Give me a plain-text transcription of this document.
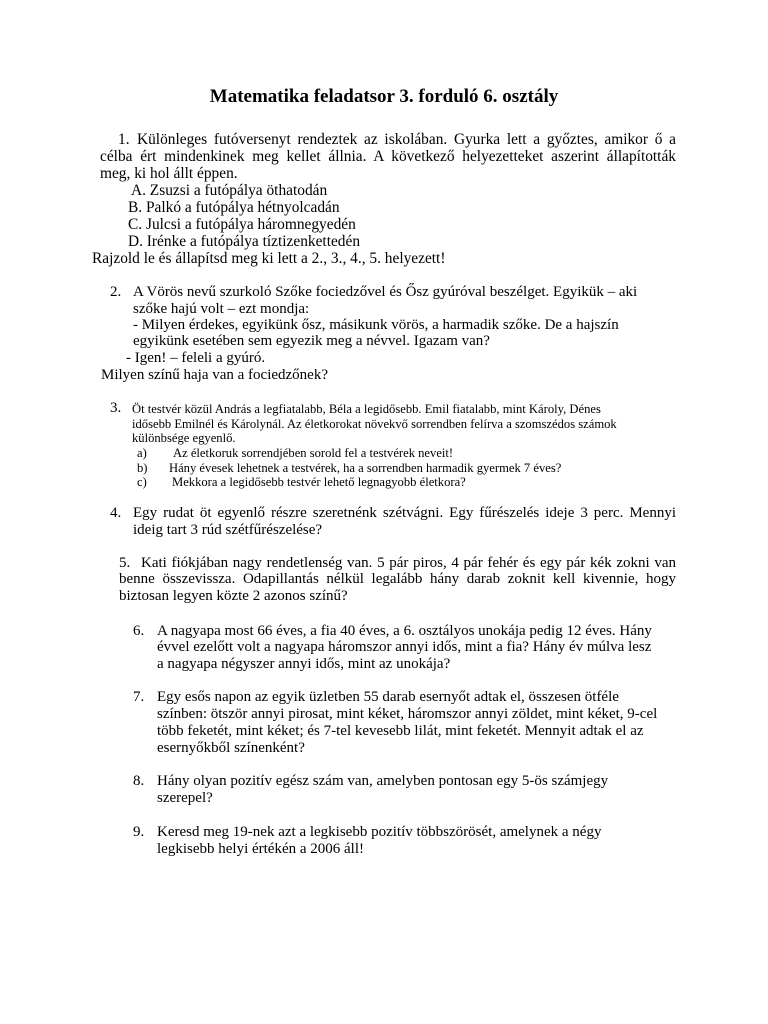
Matematika feladatsor 3. forduló 6. osztály
1. Különleges futóversenyt rendeztek az iskolában. Gyurka lett a győztes, amikor ő a
célba ért mindenkinek meg kellet állnia. A következő helyezetteket aszerint állapították
meg, ki hol állt éppen.
A. Zsuzsi a futópálya öthatodán
B. Palkó a futópálya hétnyolcadán
C. Julcsi a futópálya háromnegyedén
D. Irénke a futópálya tíztizenkettedén
Rajzold le és állapítsd meg ki lett a 2., 3., 4., 5. helyezett!
2. A Vörös nevű szurkoló Szőke fociedzővel és Ősz gyúróval beszélget. Egyikük – aki
szőke hajú volt – ezt mondja:
- Milyen érdekes, egyikünk ősz, másikunk vörös, a harmadik szőke. De a hajszín
egyikünk esetében sem egyezik meg a névvel. Igazam van?
- Igen! – feleli a gyúró.
Milyen színű haja van a fociedzőnek?
3. Öt testvér közül András a legfiatalabb, Béla a legidősebb. Emil fiatalabb, mint Károly, Dénes
idősebb Emilnél és Károlynál. Az életkorokat növekvő sorrendben felírva a szomszédos számok
különbsége egyenlő.
a) Az életkoruk sorrendjében sorold fel a testvérek neveit!
b) Hány évesek lehetnek a testvérek, ha a sorrendben harmadik gyermek 7 éves?
c) Mekkora a legidősebb testvér lehető legnagyobb életkora?
4. Egy rudat öt egyenlő részre szeretnénk szétvágni. Egy fűrészelés ideje 3 perc. Mennyi
ideig tart 3 rúd szétfűrészelése?
5. Kati fiókjában nagy rendetlenség van. 5 pár piros, 4 pár fehér és egy pár kék zokni van
benne összevissza. Odapillantás nélkül legalább hány darab zoknit kell kivennie, hogy
biztosan legyen közte 2 azonos színű?
6. A nagyapa most 66 éves, a fia 40 éves, a 6. osztályos unokája pedig 12 éves. Hány
évvel ezelőtt volt a nagyapa háromszor annyi idős, mint a fia? Hány év múlva lesz
a nagyapa négyszer annyi idős, mint az unokája?
7. Egy esős napon az egyik üzletben 55 darab esernyőt adtak el, összesen ötféle
színben: ötször annyi pirosat, mint kéket, háromszor annyi zöldet, mint kéket, 9-cel
több feketét, mint kéket; és 7-tel kevesebb lilát, mint feketét. Mennyit adtak el az
esernyőkből színenként?
8. Hány olyan pozitív egész szám van, amelyben pontosan egy 5-ös számjegy
szerepel?
9. Keresd meg 19-nek azt a legkisebb pozitív többszörösét, amelynek a négy
legkisebb helyi értékén a 2006 áll!
